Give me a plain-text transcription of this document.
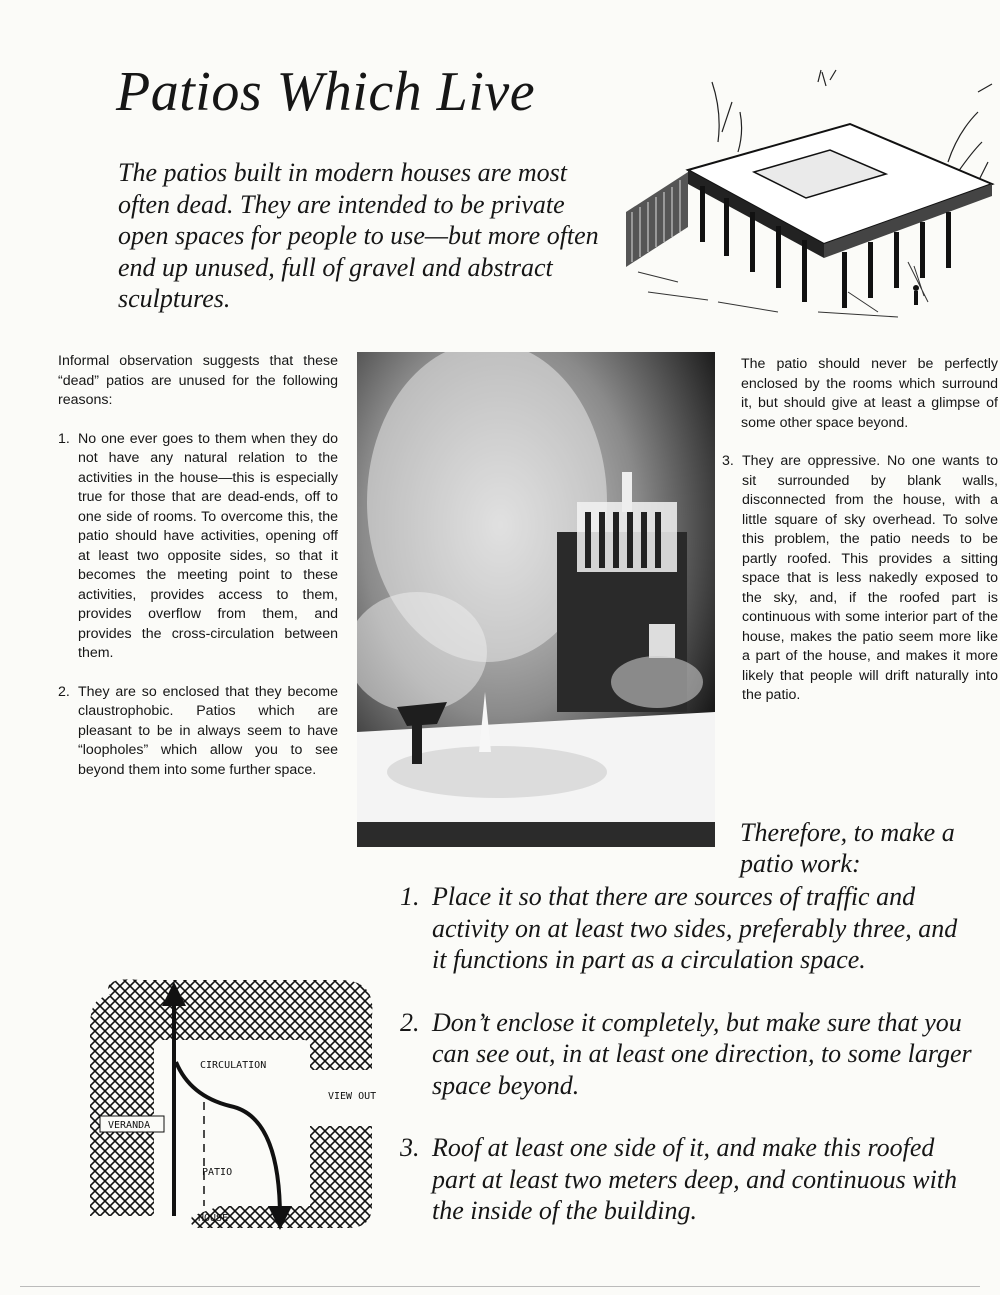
Patios Which Live

The patios built in modern houses are most often dead. They are intended to be private open spaces for people to use—but more often end up unused, full of gravel and abstract sculptures.

Informal observation suggests that these “dead” patios are unused for the following reasons:

1. No one ever goes to them when they do not have any natural relation to the activities in the house—this is especially true for those that are dead-ends, off to one side of rooms. To overcome this, the patio should have activities, opening off at least two opposite sides, so that it becomes the meeting point to these activities, provides access to them, provides overflow from them, and provides the cross-circulation between them.
2. They are so enclosed that they become claustrophobic. Patios which are pleasant to be in always seem to have “loopholes” which allow you to see beyond them into some further space.

The patio should never be perfectly enclosed by the rooms which surround it, but should give at least a glimpse of some other space beyond.

3. They are oppressive. No one wants to sit surrounded by blank walls, disconnected from the house, with a little square of sky overhead. To solve this problem, the patio needs to be partly roofed. This provides a sitting space that is less nakedly exposed to the sky, and, if the roofed part is continuous with some interior part of the house, makes the patio seem more like a part of the house, and makes it more likely that people will drift naturally into the patio.

Therefore, to make a patio work:

1. Place it so that there are sources of traffic and activity on at least two sides, preferably three, and it functions in part as a circulation space.
2. Don’t enclose it completely, but make sure that you can see out, in at least one direction, to some larger space beyond.
3. Roof at least one side of it, and make this roofed part at least two meters deep, and continuous with the inside of the building.
VERANDA
CIRCULATION
VIEW OUT
PATIO
HOUSE
